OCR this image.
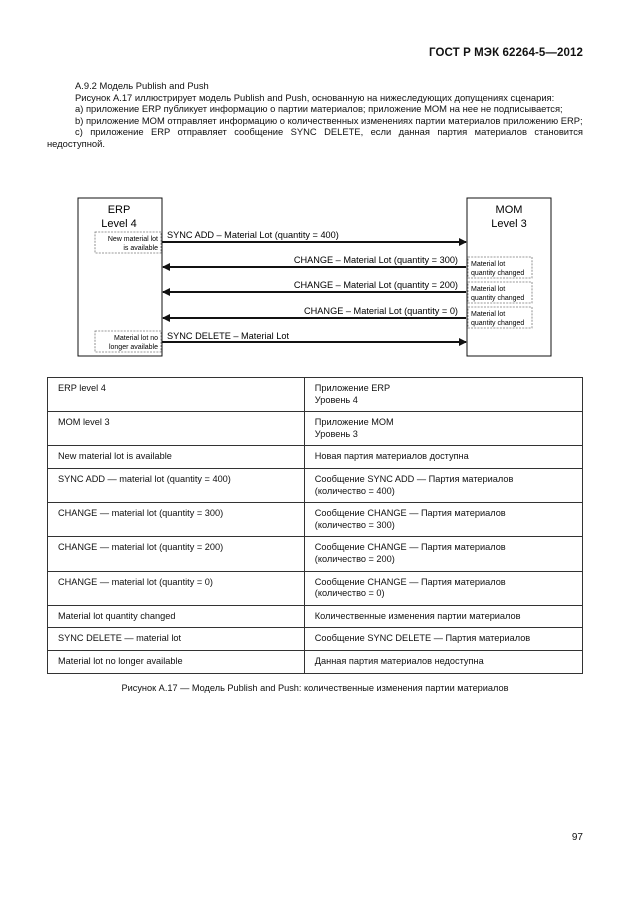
ГОСТ Р МЭК 62264-5—2012

А.9.2 Модель Publish and Push

Рисунок А.17 иллюстрирует модель Publish and Push, основанную на нижеследующих допущениях сценария:

а) приложение ERP публикует информацию о партии материалов; приложение МОМ на нее не подписывается;

b) приложение МОМ отправляет информацию о количественных изменениях партии материалов приложению ERP;

с) приложение ERP отправляет сообщение SYNC DELETE, если данная партия материалов становится недоступной.

ERP
Level 4
MOM
Level 3
New material lot
is available
Material lot no
longer available
Material lot
quantity changed
Material lot
quantity changed
Material lot
quantity changed
SYNC ADD – Material Lot (quantity = 400)
CHANGE – Material Lot (quantity = 300)
CHANGE – Material Lot (quantity = 200)
CHANGE – Material Lot (quantity = 0)
SYNC DELETE – Material Lot
ERP level 4	Приложение ERP
Уровень 4

MOM level 3	Приложение MOM
Уровень 3

New material lot is available	Новая партия материалов доступна

SYNC ADD — material lot (quantity = 400)	Сообщение SYNC ADD — Партия материалов
(количество = 400)

CHANGE — material lot (quantity = 300)	Сообщение CHANGE — Партия материалов
(количество = 300)

CHANGE — material lot (quantity = 200)	Сообщение CHANGE — Партия материалов
(количество = 200)

CHANGE — material lot (quantity = 0)	Сообщение CHANGE — Партия материалов
(количество = 0)

Material lot quantity changed	Количественные изменения партии материалов

SYNC DELETE — material lot	Сообщение SYNC DELETE — Партия материалов

Material lot no longer available	Данная партия материалов недоступна
Рисунок А.17 — Модель Publish and Push: количественные изменения партии материалов
97
